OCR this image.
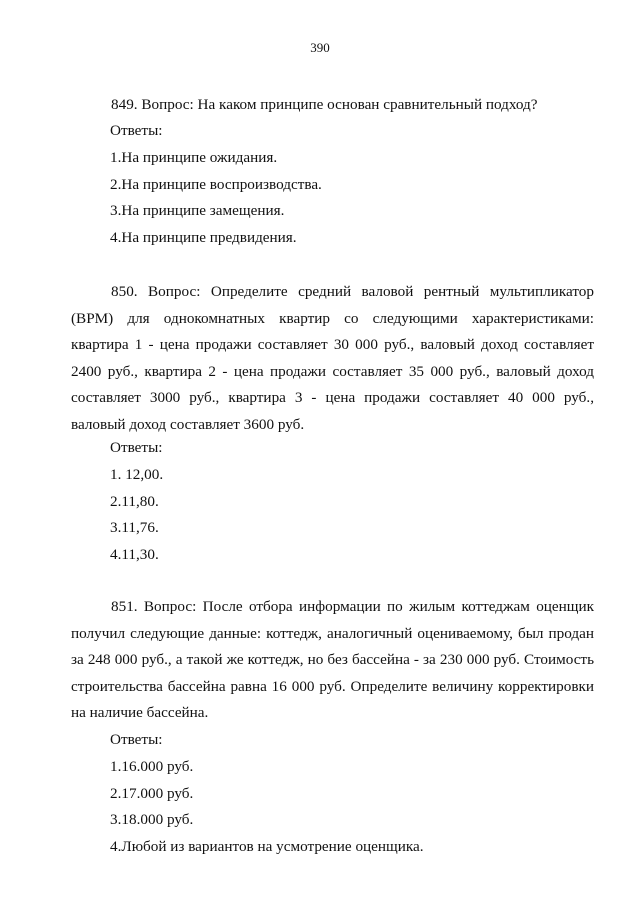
390
849. Вопрос: На каком принципе основан сравнительный подход?
Ответы:
1.На принципе ожидания.
2.На принципе воспроизводства.
3.На принципе замещения.
4.На принципе предвидения.
850. Вопрос: Определите средний валовой рентный мультипликатор
(ВРМ) для однокомнатных квартир со следующими характеристиками:
квартира 1 - цена продажи составляет 30 000 руб., валовый доход составляет
2400 руб., квартира 2 - цена продажи составляет 35 000 руб., валовый доход
составляет 3000 руб., квартира 3 - цена продажи составляет 40 000 руб.,
валовый доход составляет 3600 руб.
Ответы:
1. 12,00.
2.11,80.
3.11,76.
4.11,30.
851. Вопрос: После отбора информации по жилым коттеджам оценщик
получил следующие данные: коттедж, аналогичный оцениваемому, был продан
за 248 000 руб., а такой же коттедж, но без бассейна - за 230 000 руб. Стоимость
строительства бассейна равна 16 000 руб. Определите величину корректировки
на наличие бассейна.
Ответы:
1.16.000 руб.
2.17.000 руб.
3.18.000 руб.
4.Любой из вариантов на усмотрение оценщика.
